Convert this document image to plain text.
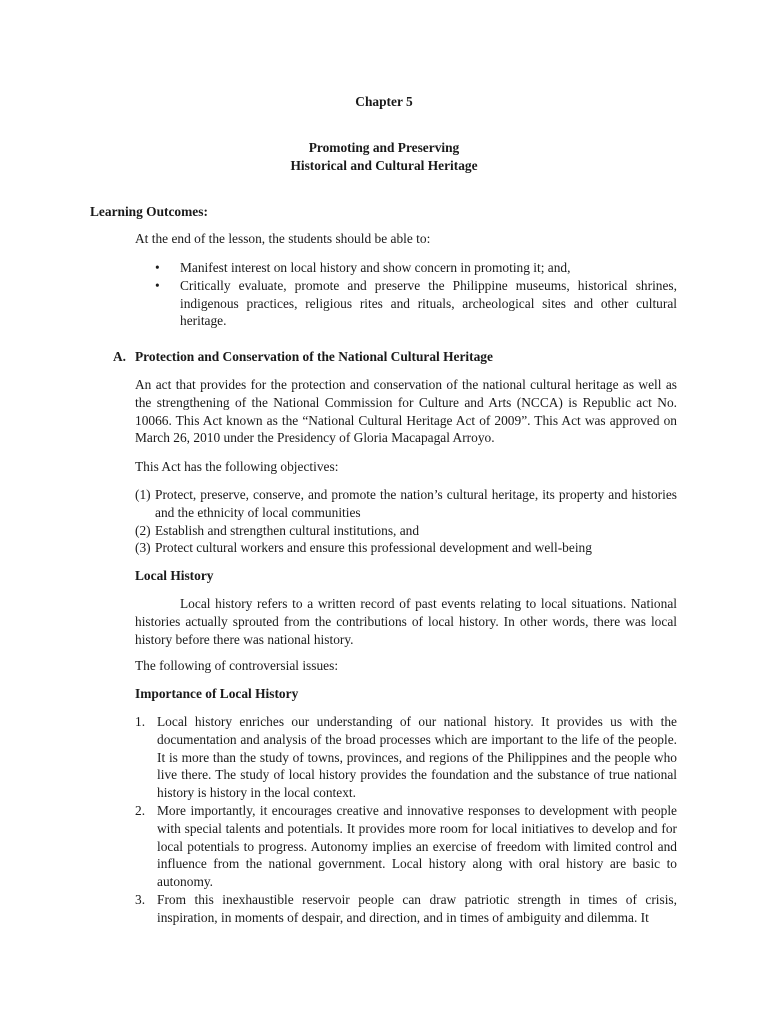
Chapter 5

Promoting and Preserving

Historical and Cultural Heritage

Learning Outcomes:

At the end of the lesson, the students should be able to:

• Manifest interest on local history and show concern in promoting it; and,
• Critically evaluate, promote and preserve the Philippine museums, historical shrines, indigenous practices, religious rites and rituals, archeological sites and other cultural heritage.

A. Protection and Conservation of the National Cultural Heritage

An act that provides for the protection and conservation of the national cultural heritage as well as the strengthening of the National Commission for Culture and Arts (NCCA) is Republic act No. 10066. This Act known as the “National Cultural Heritage Act of 2009”. This Act was approved on March 26, 2010 under the Presidency of Gloria Macapagal Arroyo.

This Act has the following objectives:

(1) Protect, preserve, conserve, and promote the nation’s cultural heritage, its property and histories and the ethnicity of local communities
(2) Establish and strengthen cultural institutions, and
(3) Protect cultural workers and ensure this professional development and well-being

Local History

Local history refers to a written record of past events relating to local situations. National histories actually sprouted from the contributions of local history. In other words, there was local history before there was national history.

The following of controversial issues:

Importance of Local History

1. Local history enriches our understanding of our national history. It provides us with the documentation and analysis of the broad processes which are important to the life of the people. It is more than the study of towns, provinces, and regions of the Philippines and the people who live there. The study of local history provides the foundation and the substance of true national history is history in the local context.
2. More importantly, it encourages creative and innovative responses to development with people with special talents and potentials. It provides more room for local initiatives to develop and for local potentials to progress. Autonomy implies an exercise of freedom with limited control and influence from the national government. Local history along with oral history are basic to autonomy.
3. From this inexhaustible reservoir people can draw patriotic strength in times of crisis, inspiration, in moments of despair, and direction, and in times of ambiguity and dilemma. It
